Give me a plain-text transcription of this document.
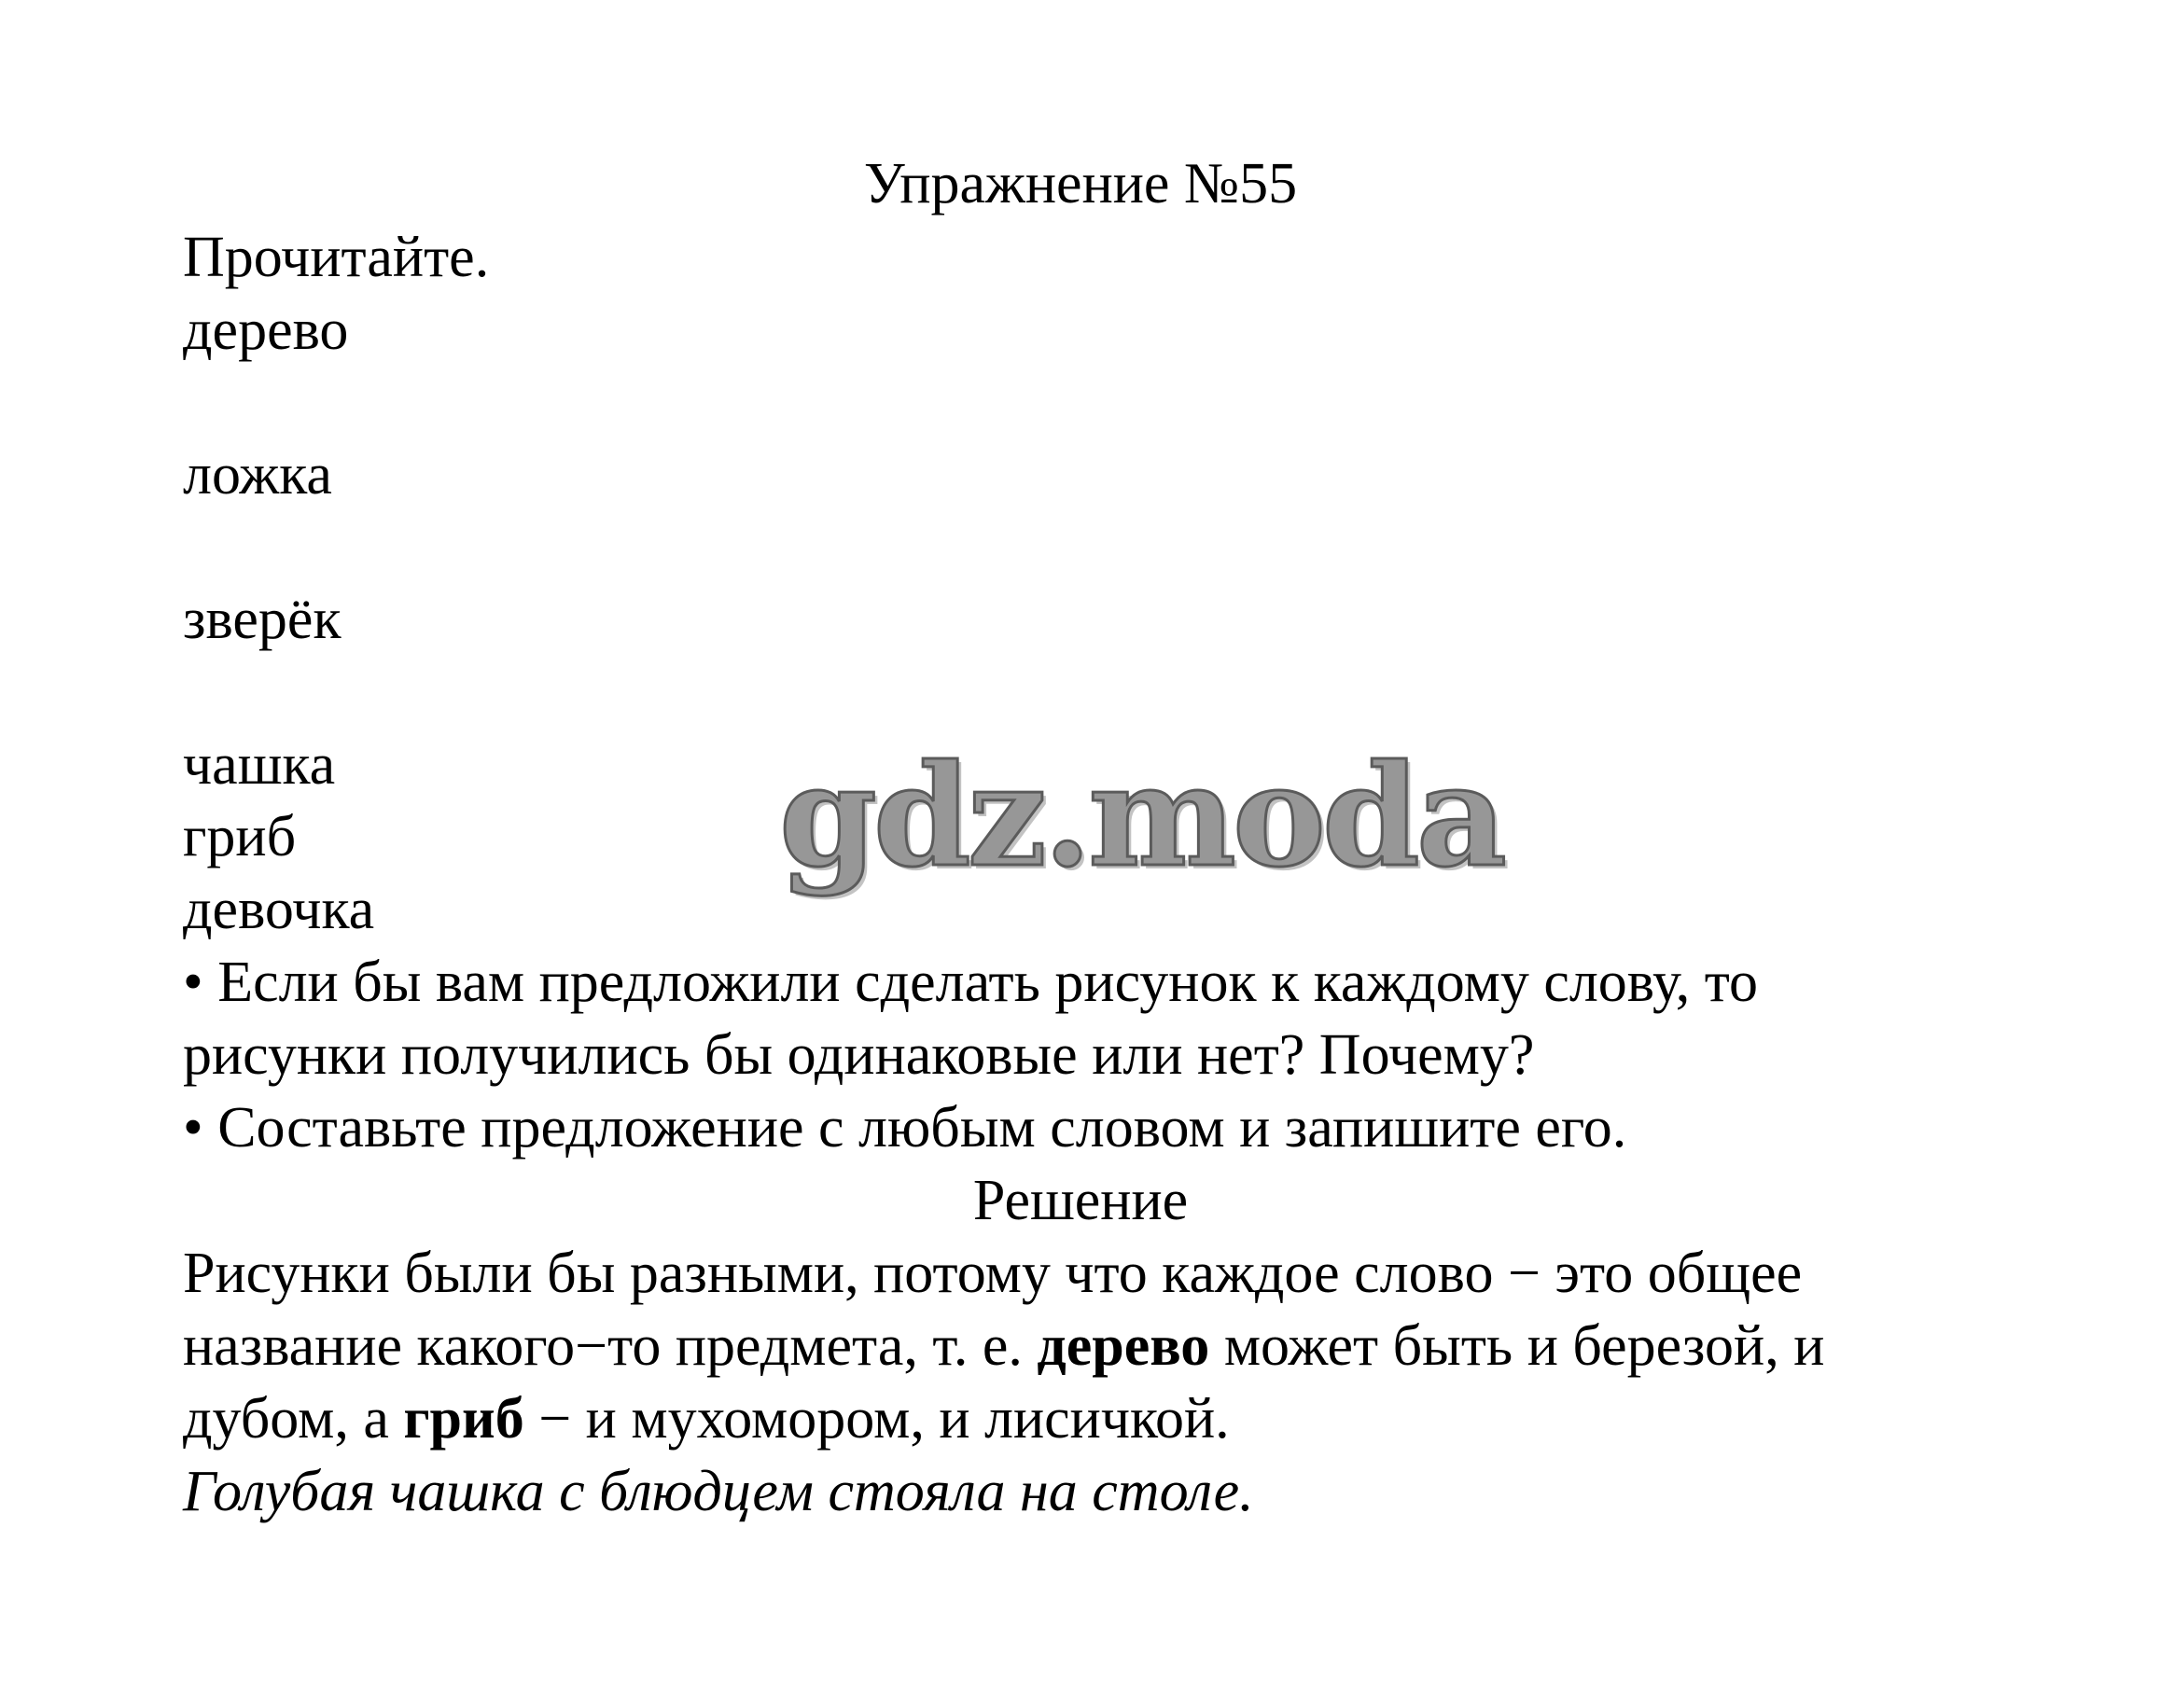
Упражнение №55
Прочитайте.
дерево
ложка
зверёк
чашка
гриб
девочка
• Если бы вам предложили сделать рисунок к каждому слову, то
рисунки получились бы одинаковые или нет? Почему?
• Составьте предложение с любым словом и запишите его.
Решение
Рисунки были бы разными, потому что каждое слово − это общее
название какого−то предмета, т. е. дерево может быть и березой, и
дубом, а гриб − и мухомором, и лисичкой.
Голубая чашка с блюдцем стояла на столе.
gdz.moda
